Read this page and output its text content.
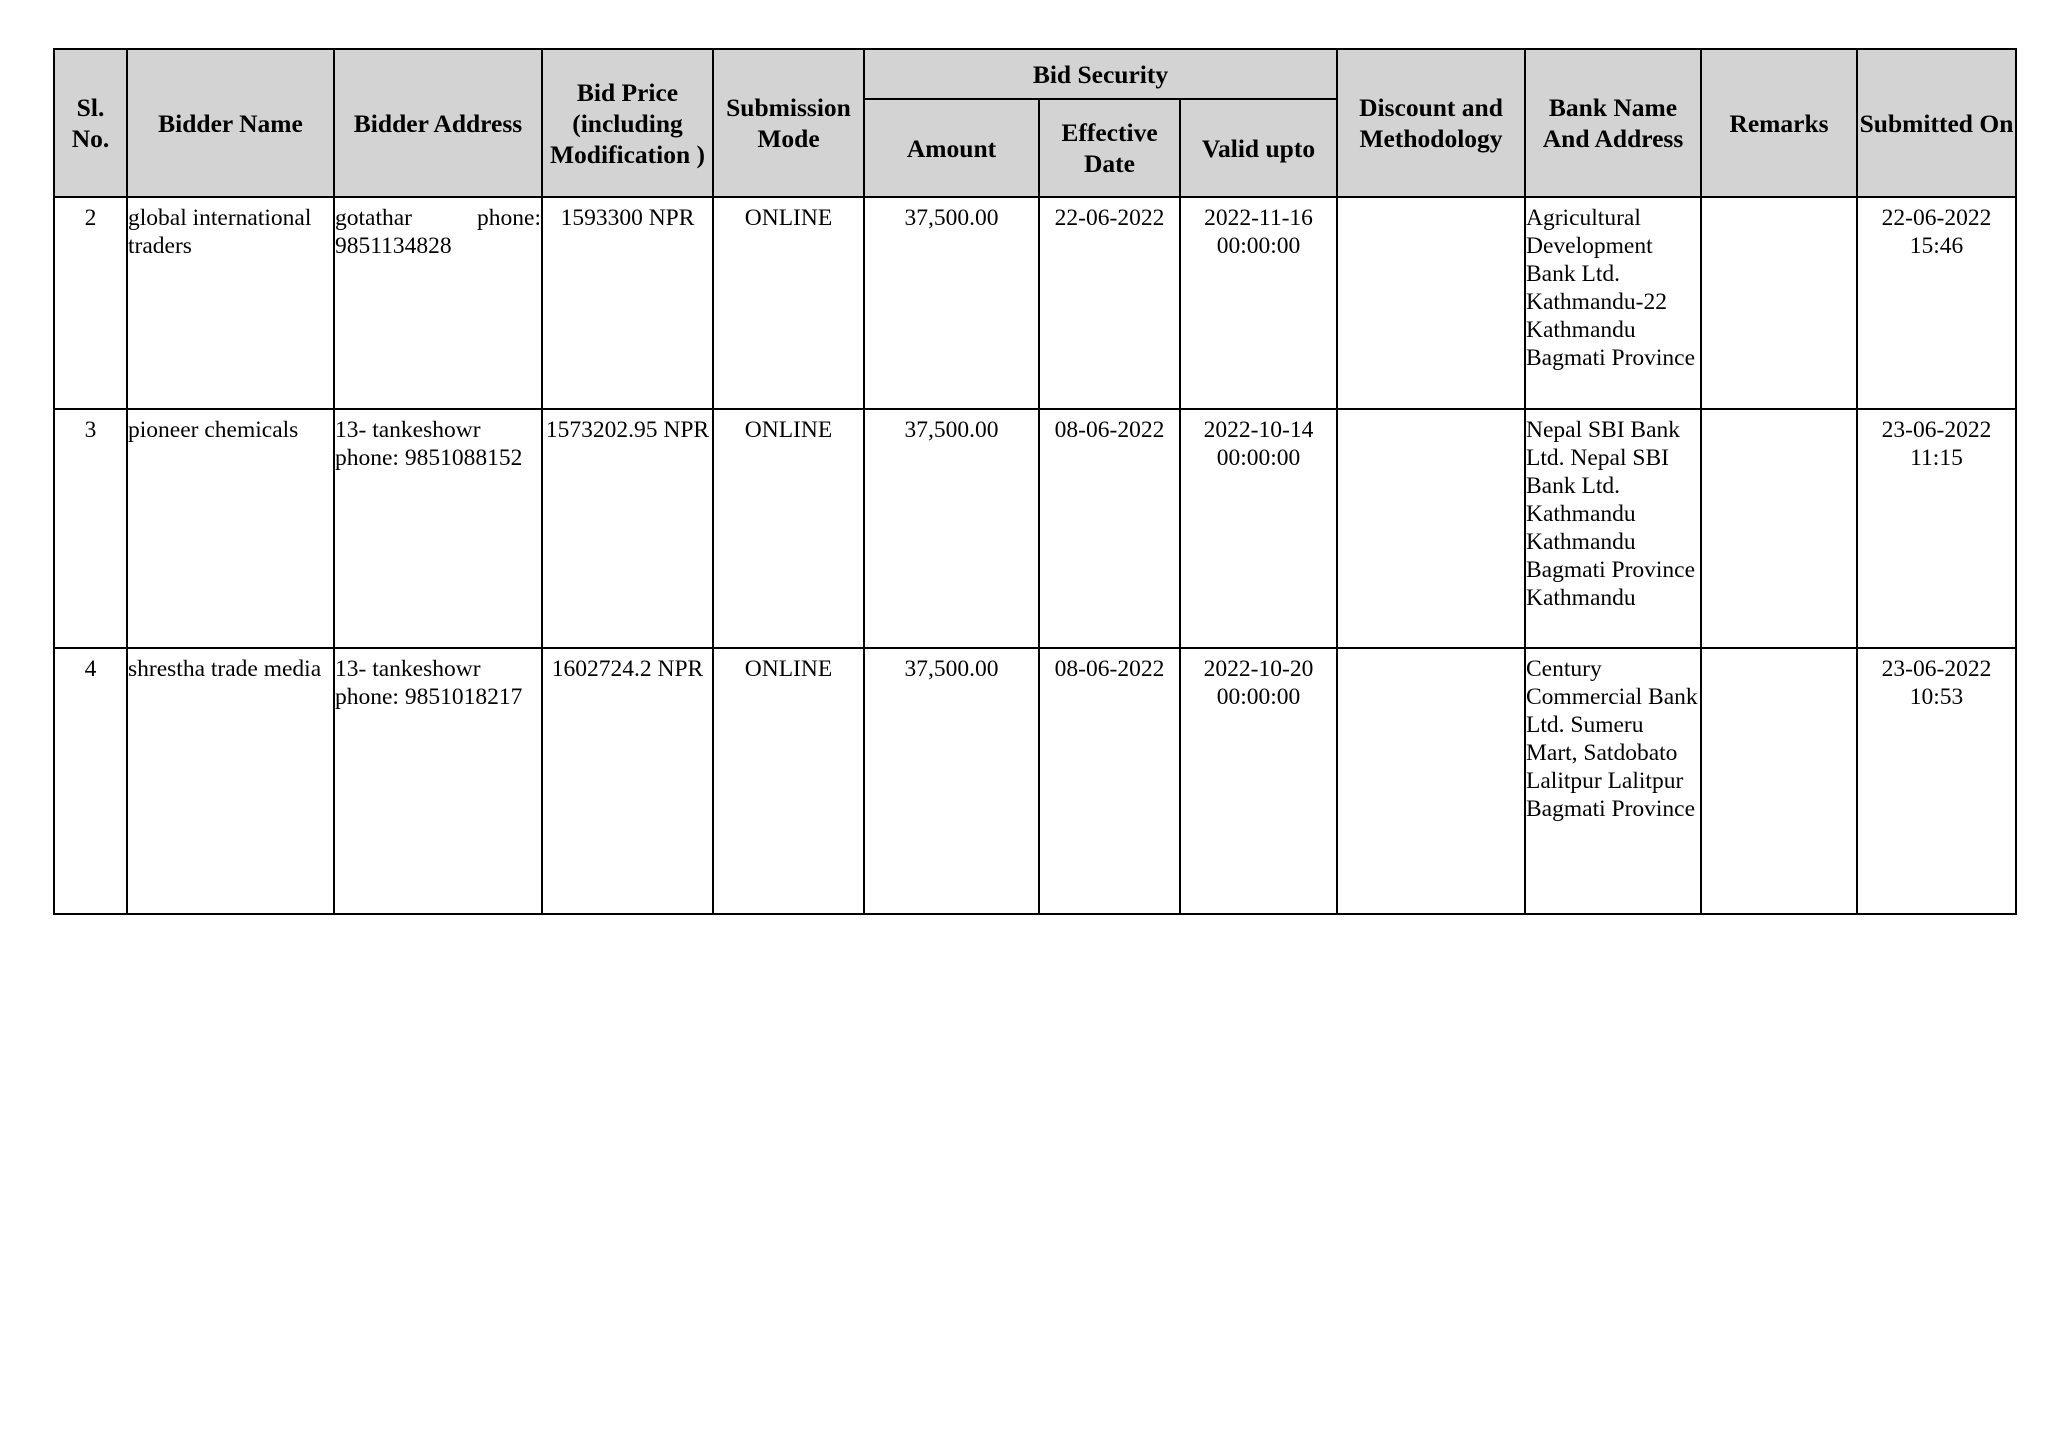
Sl. No.	Bidder Name	Bidder Address	Bid Price (including Modification )	Submission Mode	Bid Security			Discount and Methodology	Bank Name And Address	Remarks	Submitted On
					Amount	Effective Date	Valid upto				
2	global international traders	gotathar phone: 9851134828	1593300 NPR	ONLINE	37,500.00	22-06-2022	2022-11-16 00:00:00		Agricultural Development Bank Ltd. Kathmandu-22 Kathmandu Bagmati Province		22-06-2022 15:46
3	pioneer chemicals	13- tankeshowr phone: 9851088152	1573202.95 NPR	ONLINE	37,500.00	08-06-2022	2022-10-14 00:00:00		Nepal SBI Bank Ltd. Nepal SBI Bank Ltd. Kathmandu Kathmandu Bagmati Province Kathmandu		23-06-2022 11:15
4	shrestha trade media	13- tankeshowr phone: 9851018217	1602724.2 NPR	ONLINE	37,500.00	08-06-2022	2022-10-20 00:00:00		Century Commercial Bank Ltd. Sumeru Mart, Satdobato Lalitpur Lalitpur Bagmati Province		23-06-2022 10:53
